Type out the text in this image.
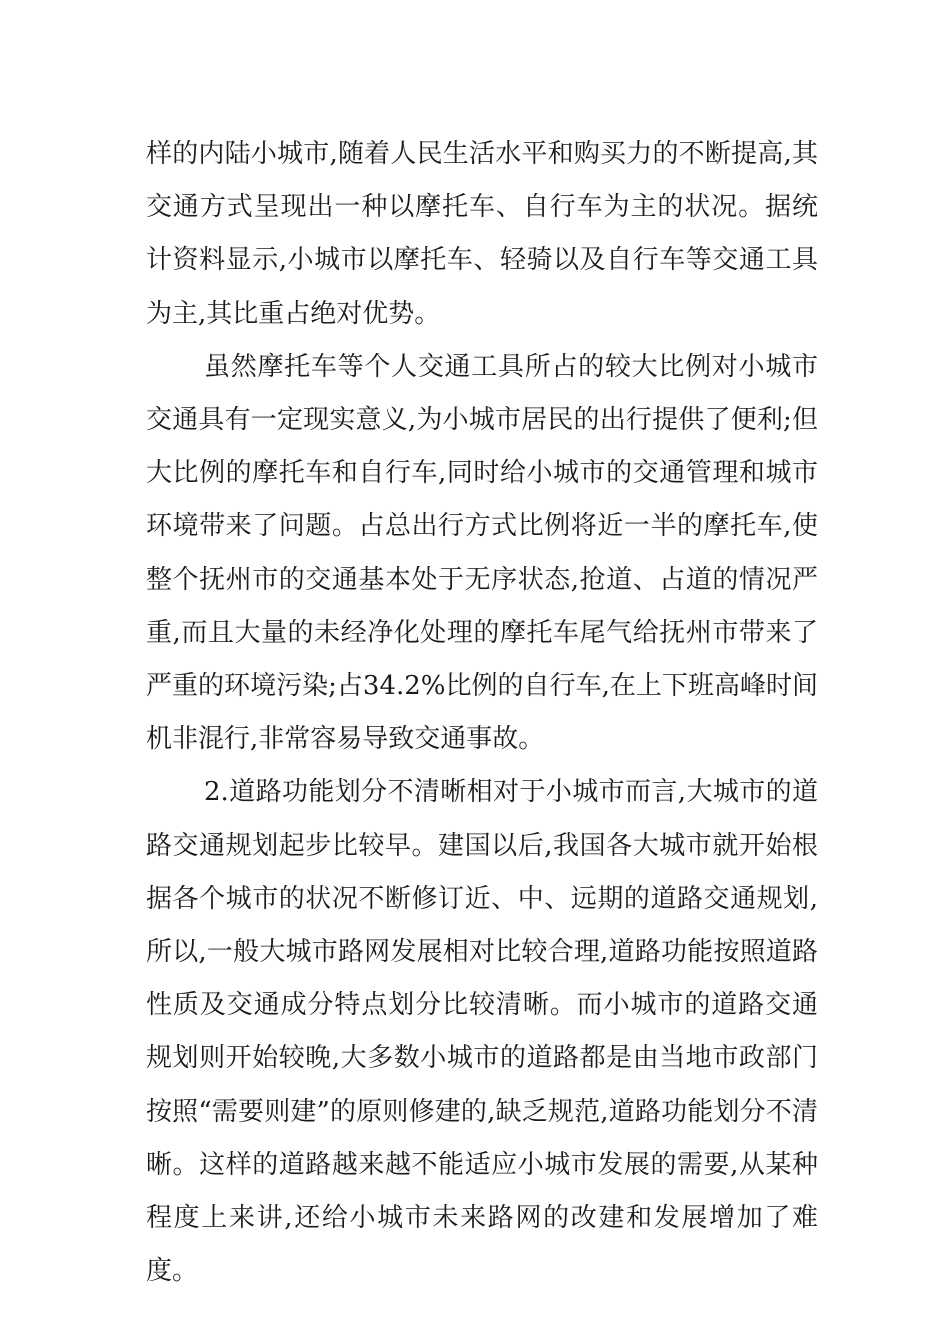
样的内陆小城市,随着人民生活水平和购买力的不断提高,其交通方式呈现出一种以摩托车、自行车为主的状况。据统计资料显示,小城市以摩托车、轻骑以及自行车等交通工具为主,其比重占绝对优势。

虽然摩托车等个人交通工具所占的较大比例对小城市交通具有一定现实意义,为小城市居民的出行提供了便利;但大比例的摩托车和自行车,同时给小城市的交通管理和城市环境带来了问题。占总出行方式比例将近一半的摩托车,使整个抚州市的交通基本处于无序状态,抢道、占道的情况严重,而且大量的未经净化处理的摩托车尾气给抚州市带来了严重的环境污染;占34.2%比例的自行车,在上下班高峰时间机非混行,非常容易导致交通事故。

2.道路功能划分不清晰相对于小城市而言,大城市的道路交通规划起步比较早。建国以后,我国各大城市就开始根据各个城市的状况不断修订近、中、远期的道路交通规划,所以,一般大城市路网发展相对比较合理,道路功能按照道路性质及交通成分特点划分比较清晰。而小城市的道路交通规划则开始较晚,大多数小城市的道路都是由当地市政部门按照“需要则建”的原则修建的,缺乏规范,道路功能划分不清晰。这样的道路越来越不能适应小城市发展的需要,从某种程度上来讲,还给小城市未来路网的改建和发展增加了难度。
